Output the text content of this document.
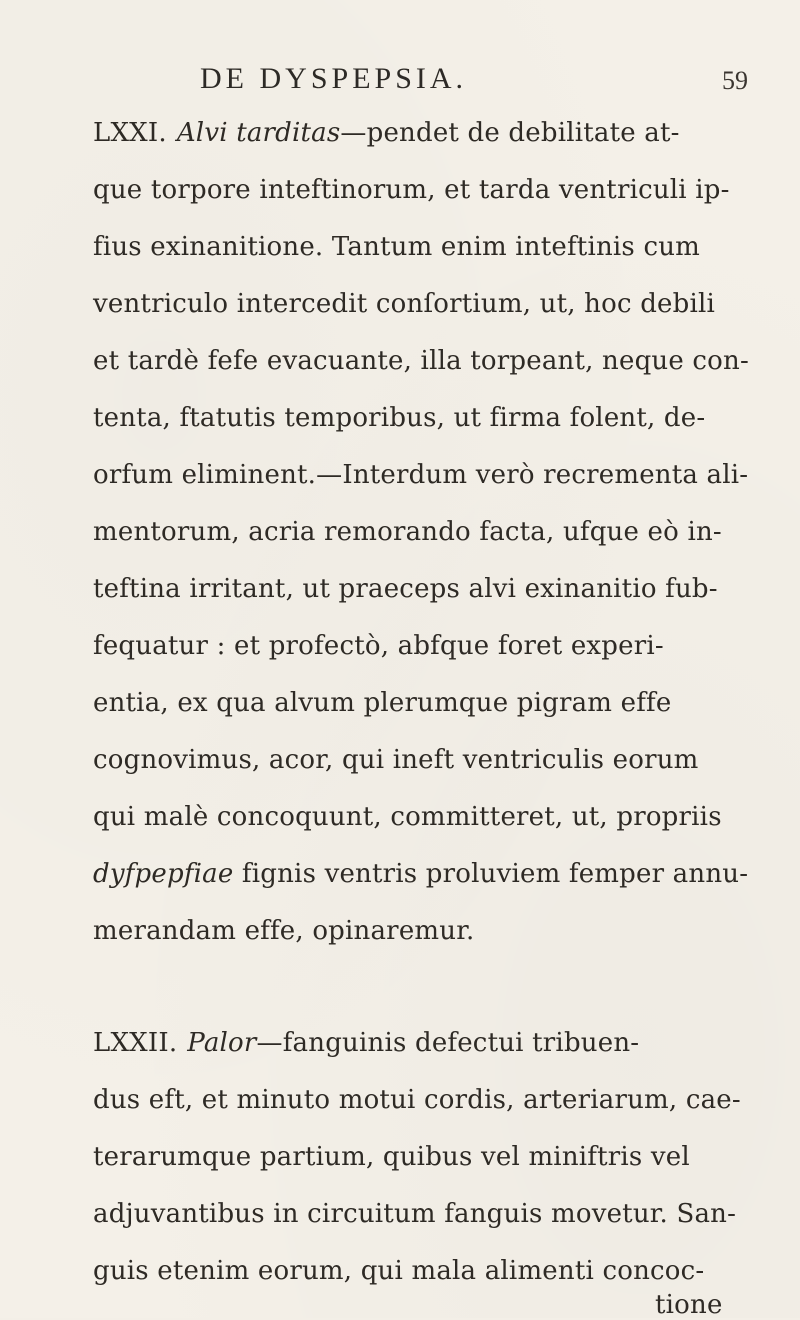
DE DYSPEPSIA.	59
LXXI. Alvi tarditas—pendet de debilitate at-
que torpore inteftinorum, et tarda ventriculi ip-
fius exinanitione. Tantum enim inteftinis cum
ventriculo intercedit conſortium, ut, hoc debili
et tardè fefe evacuante, illa torpeant, neque con-
tenta, ftatutis temporibus, ut firma folent, de-
orfum eliminent.—Interdum verò recrementa ali-
mentorum, acria remorando facta, ufque eò in-
teftina irritant, ut praeceps alvi exinanitio fub-
fequatur : et profectò, abfque foret experi-
entia, ex qua alvum plerumque pigram effe
cognovimus, acor, qui ineft ventriculis eorum
qui malè concoquunt, committeret, ut, propriis
dyfpepfiae fignis ventris proluviem femper annu-
merandam effe, opinaremur.
LXXII. Palor—fanguinis defectui tribuen-
dus eft, et minuto motui cordis, arteriarum, cae-
terarumque partium, quibus vel miniftris vel
adjuvantibus in circuitum fanguis movetur. San-
guis etenim eorum, qui mala alimenti concoc-
tione
